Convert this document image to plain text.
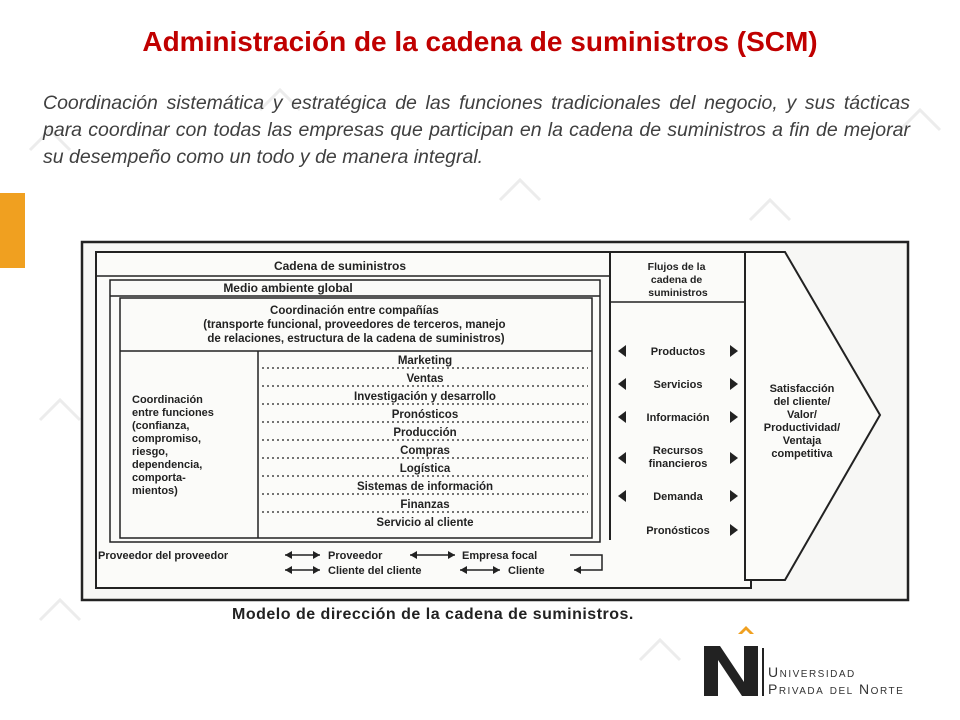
Administración de la cadena de suministros (SCM)
Coordinación sistemática y estratégica de las funciones tradicionales del negocio, y sus tácticas para coordinar con todas las empresas que participan en la cadena de suministros a fin de mejorar su desempeño como un todo y de manera integral.
Cadena de suministros	Flujos de la cadena de suministros
Medio ambiente global
Coordinación entre compañías (transporte funcional, proveedores de terceros, manejo de relaciones, estructura de la cadena de suministros)
Coordinación entre funciones (confianza, compromiso, riesgo, dependencia, comporta- mientos)
Marketing
Ventas
Investigación y desarrollo
Pronósticos
Producción
Compras
Logística
Sistemas de información
Finanzas
Servicio al cliente
Productos
Servicios
Información
Recursos
financieros
Demanda
Pronósticos
Satisfacción
del cliente/
Valor/
Productividad/
Ventaja
competitiva
Proveedor del proveedor	Proveedor	Empresa focal
Cliente del cliente	Cliente
Modelo de dirección de la cadena de suministros.
Universidad
Privada del Norte
